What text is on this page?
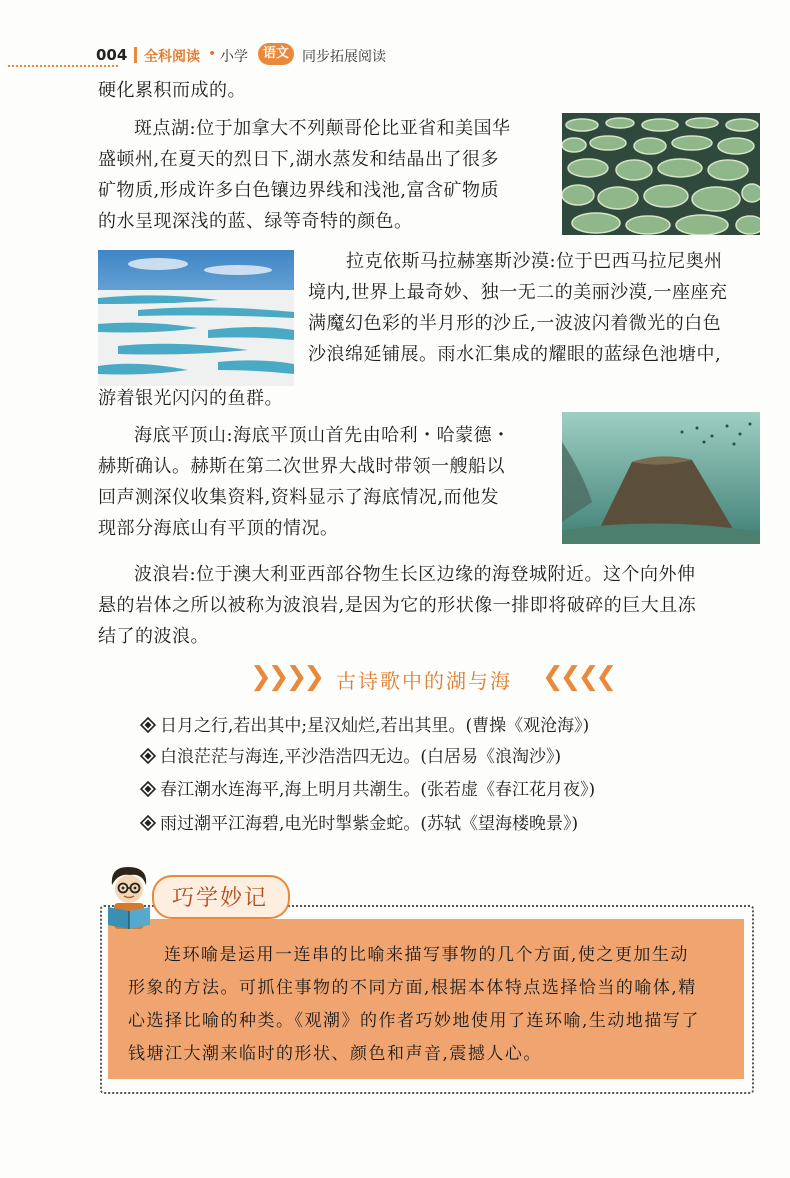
004 全科阅读 • 小学	语文 同步拓展阅读

硬化累积而成的。

斑点湖:位于加拿大不列颠哥伦比亚省和美国华

盛顿州,在夏天的烈日下,湖水蒸发和结晶出了很多

矿物质,形成许多白色镶边界线和浅池,富含矿物质

的水呈现深浅的蓝、绿等奇特的颜色。

拉克依斯马拉赫塞斯沙漠:位于巴西马拉尼奥州

境内,世界上最奇妙、独一无二的美丽沙漠,一座座充

满魔幻色彩的半月形的沙丘,一波波闪着微光的白色

沙浪绵延铺展。雨水汇集成的耀眼的蓝绿色池塘中,

游着银光闪闪的鱼群。

海底平顶山:海底平顶山首先由哈利・哈蒙德・

赫斯确认。赫斯在第二次世界大战时带领一艘船以

回声测深仪收集资料,资料显示了海底情况,而他发

现部分海底山有平顶的情况。

波浪岩:位于澳大利亚西部谷物生长区边缘的海登城附近。这个向外伸

悬的岩体之所以被称为波浪岩,是因为它的形状像一排即将破碎的巨大且冻

结了的波浪。

❯❯❯❯ 古诗歌中的湖与海 ❮❮❮❮
日月之行,若出其中;星汉灿烂,若出其里。(曹操《观沧海》)
白浪茫茫与海连,平沙浩浩四无边。(白居易《浪淘沙》)
春江潮水连海平,海上明月共潮生。(张若虚《春江花月夜》)
雨过潮平江海碧,电光时掣紫金蛇。(苏轼《望海楼晚景》)
连环喻是运用一连串的比喻来描写事物的几个方面,使之更加生动
形象的方法。可抓住事物的不同方面,根据本体特点选择恰当的喻体,精
心选择比喻的种类。《观潮》的作者巧妙地使用了连环喻,生动地描写了
钱塘江大潮来临时的形状、颜色和声音,震撼人心。
巧学妙记
